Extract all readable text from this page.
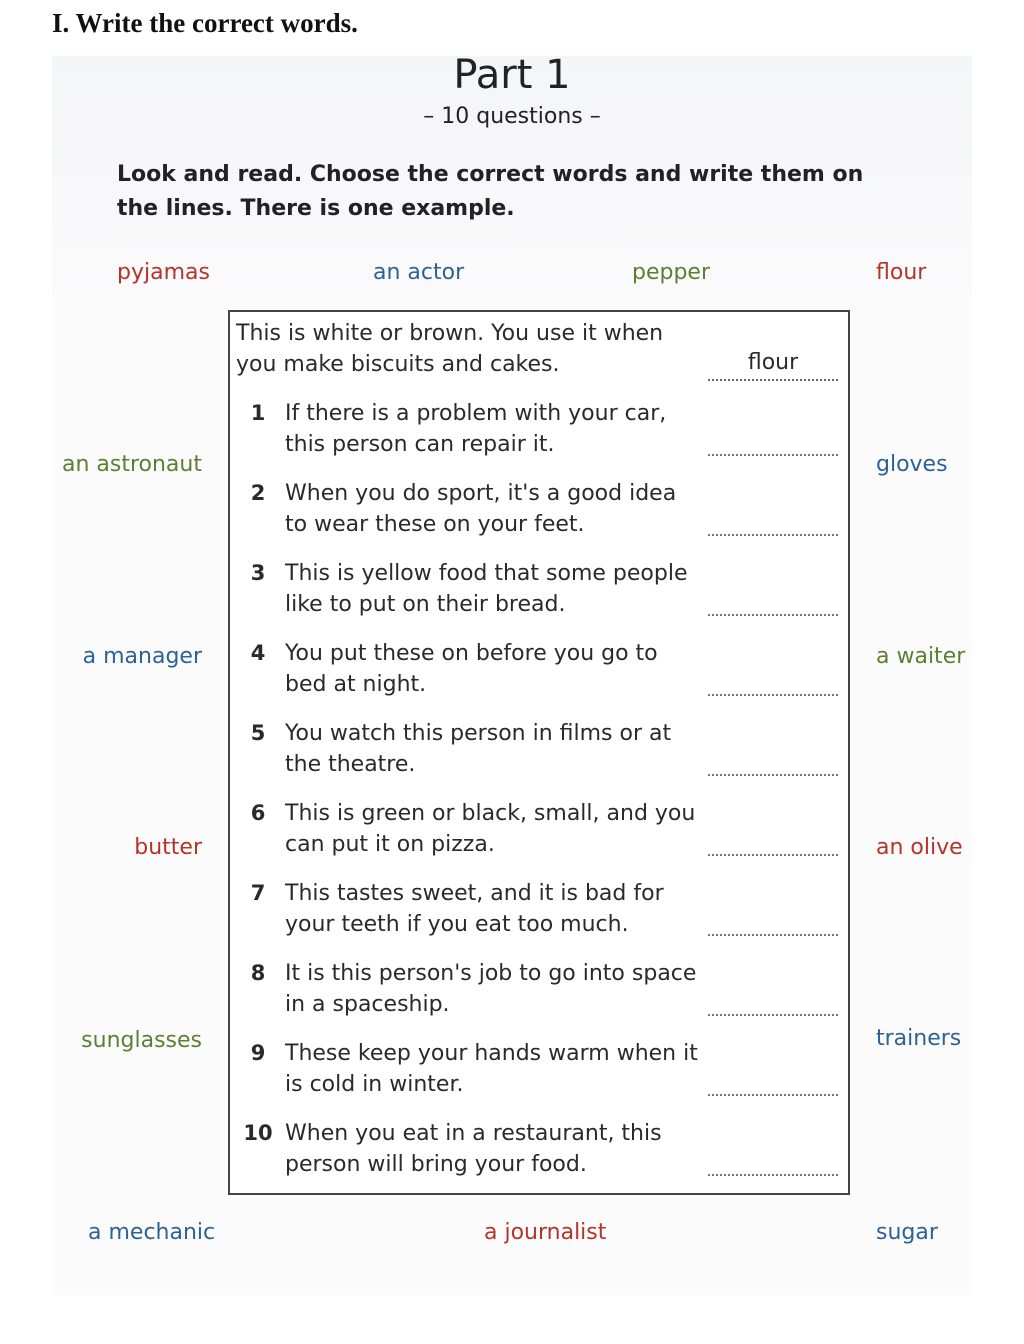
I. Write the correct words.
Part 1
– 10 questions –
Look and read. Choose the correct words and write them on the lines. There is one example.
pyjamas	an actor	pepper	flour
an astronaut	gloves
a manager	a waiter
butter	an olive
sunglasses	trainers
a mechanic	a journalist	sugar
This is white or brown. You use it when you make biscuits and cakes.	flour
1 If there is a problem with your car, this person can repair it.
2 When you do sport, it's a good idea to wear these on your feet.
3 This is yellow food that some people like to put on their bread.
4 You put these on before you go to bed at night.
5 You watch this person in films or at the theatre.
6 This is green or black, small, and you can put it on pizza.
7 This tastes sweet, and it is bad for your teeth if you eat too much.
8 It is this person's job to go into space in a spaceship.
9 These keep your hands warm when it is cold in winter.
10 When you eat in a restaurant, this person will bring your food.
